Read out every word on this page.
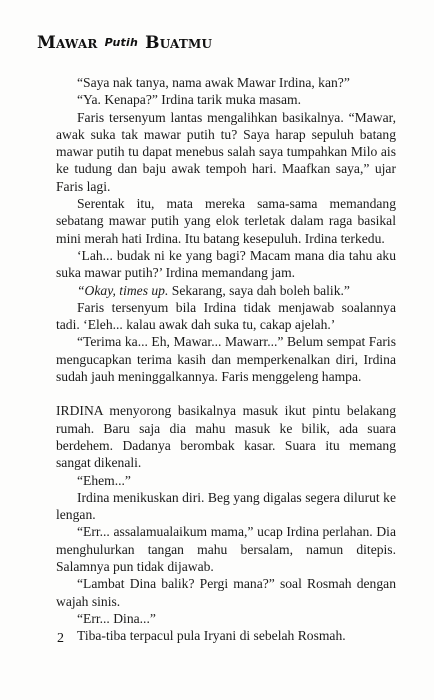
Mawar Putih Buatmu

“Saya nak tanya, nama awak Mawar Irdina, kan?”

“Ya. Kenapa?” Irdina tarik muka masam.

Faris tersenyum lantas mengalihkan basikalnya. “Mawar, awak suka tak mawar putih tu? Saya harap sepuluh batang mawar putih tu dapat menebus salah saya tumpahkan Milo ais ke tudung dan baju awak tempoh hari. Maafkan saya,” ujar Faris lagi.

Serentak itu, mata mereka sama-sama memandang sebatang mawar putih yang elok terletak dalam raga basikal mini merah hati Irdina. Itu batang kesepuluh. Irdina terkedu.

‘Lah... budak ni ke yang bagi? Macam mana dia tahu aku suka mawar putih?’ Irdina memandang jam.

“Okay, times up. Sekarang, saya dah boleh balik.”

Faris tersenyum bila Irdina tidak menjawab soalannya tadi. ‘Eleh... kalau awak dah suka tu, cakap ajelah.’

“Terima ka... Eh, Mawar... Mawarr...” Belum sempat Faris mengucapkan terima kasih dan memperkenalkan diri, Irdina sudah jauh meninggalkannya. Faris menggeleng hampa.

IRDINA menyorong basikalnya masuk ikut pintu belakang rumah. Baru saja dia mahu masuk ke bilik, ada suara berdehem. Dadanya berombak kasar. Suara itu memang sangat dikenali.

“Ehem...”

Irdina menikuskan diri. Beg yang digalas segera dilurut ke lengan.

“Err... assalamualaikum mama,” ucap Irdina perlahan. Dia menghulurkan tangan mahu bersalam, namun ditepis. Salamnya pun tidak dijawab.

“Lambat Dina balik? Pergi mana?” soal Rosmah dengan wajah sinis.

“Err... Dina...”

Tiba-tiba terpacul pula Iryani di sebelah Rosmah.

2
